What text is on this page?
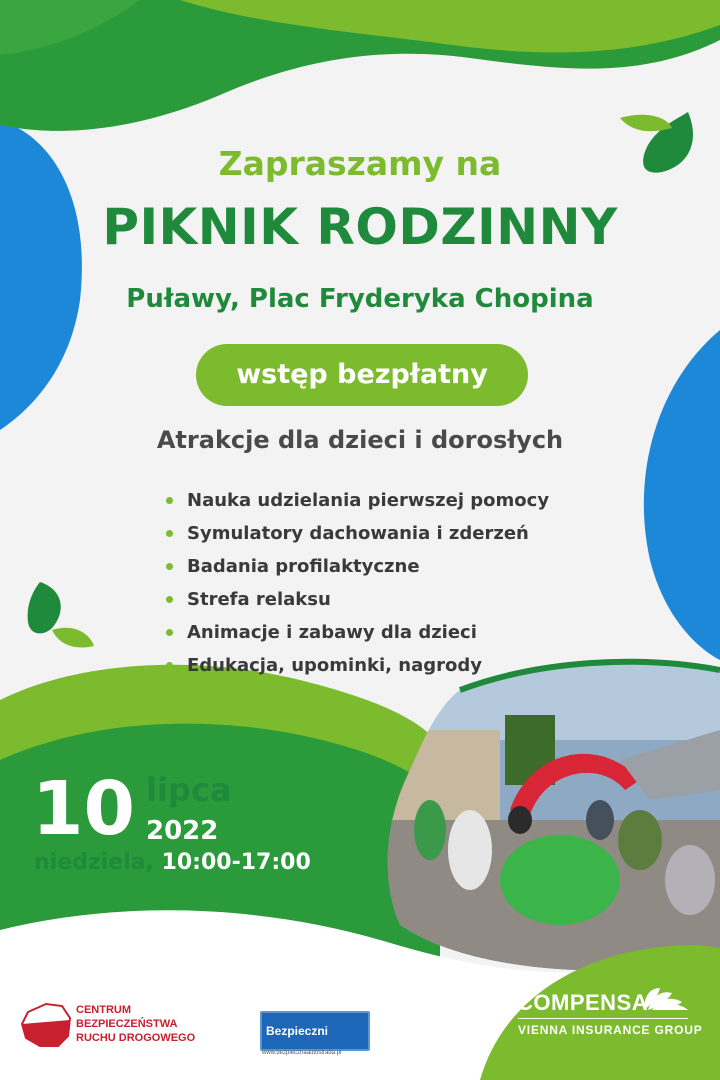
Zapraszamy na
PIKNIK RODZINNY
Puławy, Plac Fryderyka Chopina
wstęp bezpłatny
Atrakcje dla dzieci i dorosłych
Nauka udzielania pierwszej pomocy
Symulatory dachowania i zderzeń
Badania profilaktyczne
Strefa relaksu
Animacje i zabawy dla dzieci
Edukacja, upominki, nagrody
10 lipca
2022
niedziela, 10:00-17:00
CENTRUM
BEZPIECZEŃSTWA
RUCHU DROGOWEGO	Bezpieczni
www.bezpiecznaautostrada.pl
COMPENSA
VIENNA INSURANCE GROUP
